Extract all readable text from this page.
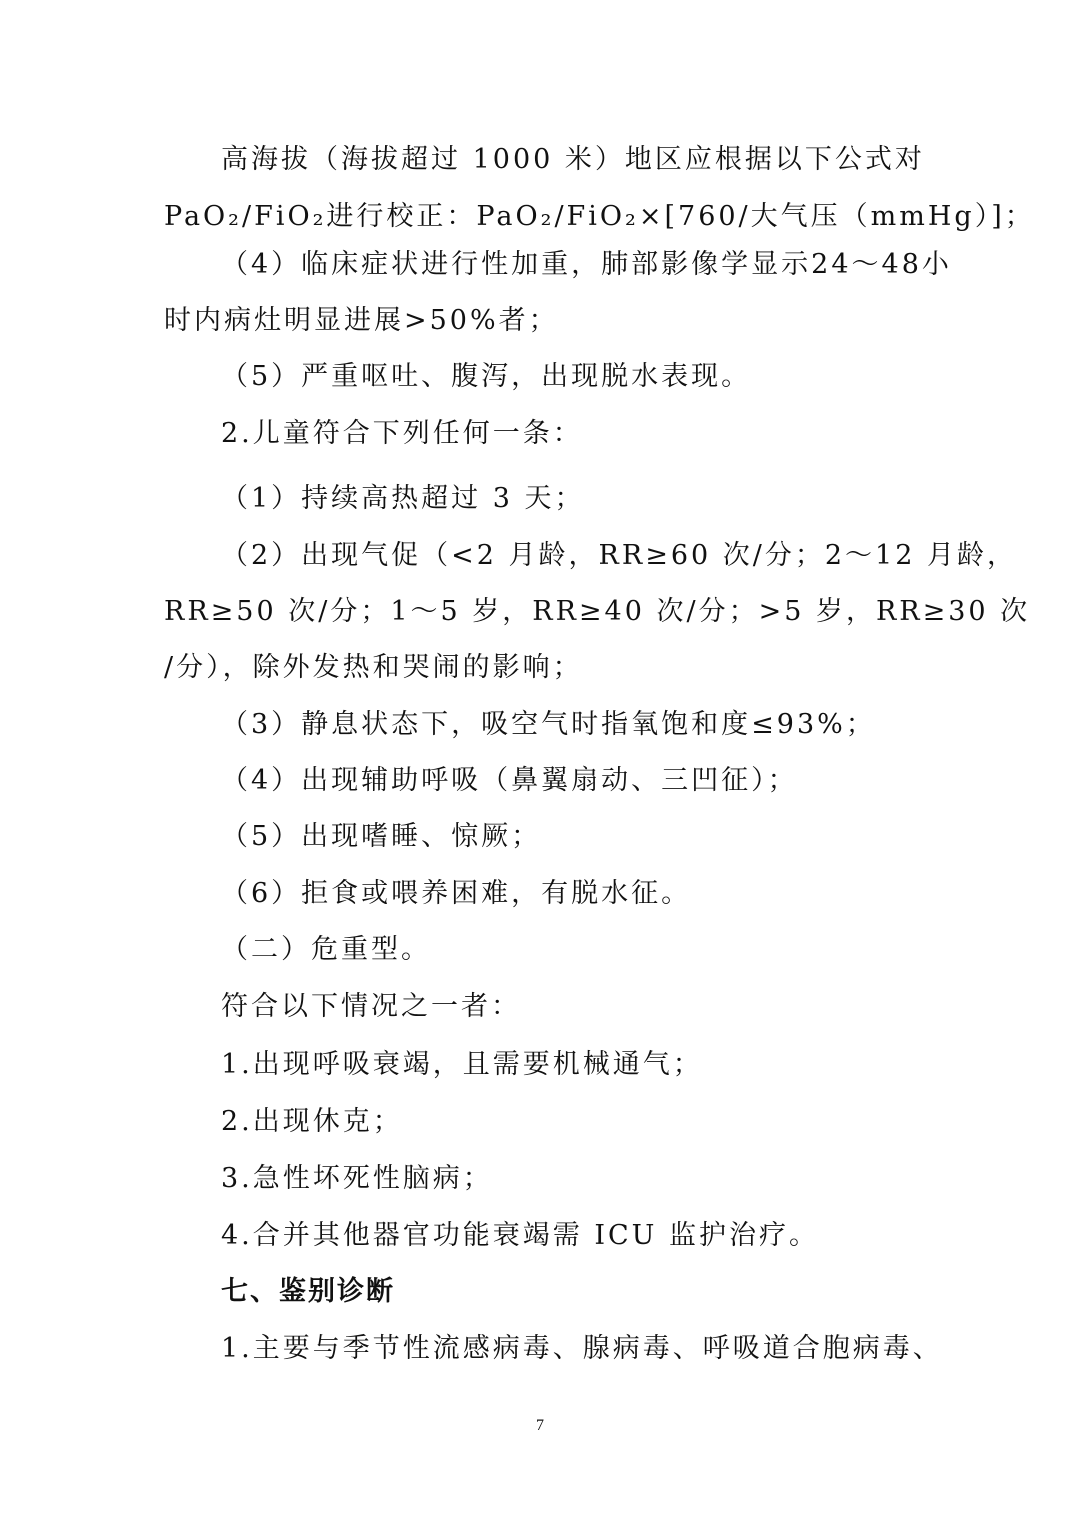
高海拔（海拔超过 1000 米）地区应根据以下公式对
PaO₂/FiO₂进行校正：PaO₂/FiO₂×[760/大气压（mmHg）]；
（4）临床症状进行性加重，肺部影像学显示24～48小
时内病灶明显进展>50%者；
（5）严重呕吐、腹泻，出现脱水表现。
2.儿童符合下列任何一条：
（1）持续高热超过 3 天；
（2）出现气促（<2 月龄，RR≥60 次/分；2～12 月龄，
RR≥50 次/分；1～5 岁，RR≥40 次/分；>5 岁，RR≥30 次
/分），除外发热和哭闹的影响；
（3）静息状态下，吸空气时指氧饱和度≤93%；
（4）出现辅助呼吸（鼻翼扇动、三凹征）；
（5）出现嗜睡、惊厥；
（6）拒食或喂养困难，有脱水征。
（二）危重型。
符合以下情况之一者：
1.出现呼吸衰竭，且需要机械通气；
2.出现休克；
3.急性坏死性脑病；
4.合并其他器官功能衰竭需 ICU 监护治疗。
七、鉴别诊断
1.主要与季节性流感病毒、腺病毒、呼吸道合胞病毒、
7
